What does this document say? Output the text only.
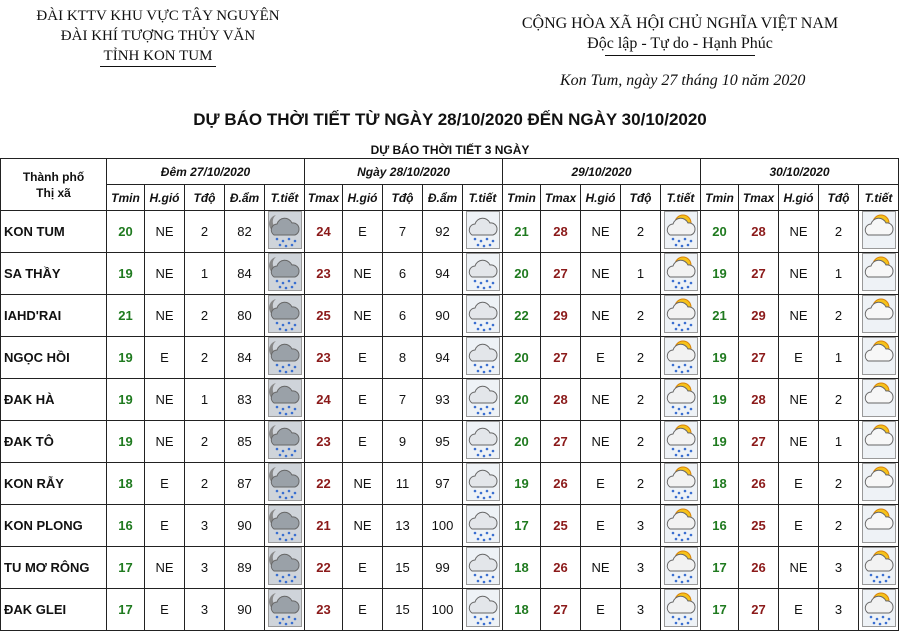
ĐÀI KTTV KHU VỰC TÂY NGUYÊN
ĐÀI KHÍ TƯỢNG THỦY VĂN
TỈNH KON TUM
CỘNG HÒA XÃ HỘI CHỦ NGHĨA VIỆT NAM
Độc lập - Tự do - Hạnh Phúc
Kon Tum, ngày 27 tháng 10 năm 2020
DỰ BÁO THỜI TIẾT TỪ NGÀY 28/10/2020 ĐẾN NGÀY 30/10/2020
DỰ BÁO THỜI TIẾT 3 NGÀY
Thành phố
Thị xã	Đêm 27/10/2020					Ngày 28/10/2020					29/10/2020					30/10/2020				
	Tmin	H.gió	Tđộ	Đ.ẩm	T.tiết	Tmax	H.gió	Tđộ	Đ.ẩm	T.tiết	Tmin	Tmax	H.gió	Tđộ	T.tiết	Tmin	Tmax	H.gió	Tđộ	T.tiết
KON TUM	20	NE	2	82		24	E	7	92		21	28	NE	2		20	28	NE	2	

SA THẦY	19	NE	1	84		23	NE	6	94		20	27	NE	1		19	27	NE	1	

IAHD'RAI	21	NE	2	80		25	NE	6	90		22	29	NE	2		21	29	NE	2	

NGỌC HỒI	19	E	2	84		23	E	8	94		20	27	E	2		19	27	E	1	

ĐAK HÀ	19	NE	1	83		24	E	7	93		20	28	NE	2		19	28	NE	2	

ĐAK TÔ	19	NE	2	85		23	E	9	95		20	27	NE	2		19	27	NE	1	

KON RẪY	18	E	2	87		22	NE	11	97		19	26	E	2		18	26	E	2	

KON PLONG	16	E	3	90		21	NE	13	100		17	25	E	3		16	25	E	2	

TU MƠ RÔNG	17	NE	3	89		22	E	15	99		18	26	NE	3		17	26	NE	3	

ĐAK GLEI	17	E	3	90		23	E	15	100		18	27	E	3		17	27	E	3	
